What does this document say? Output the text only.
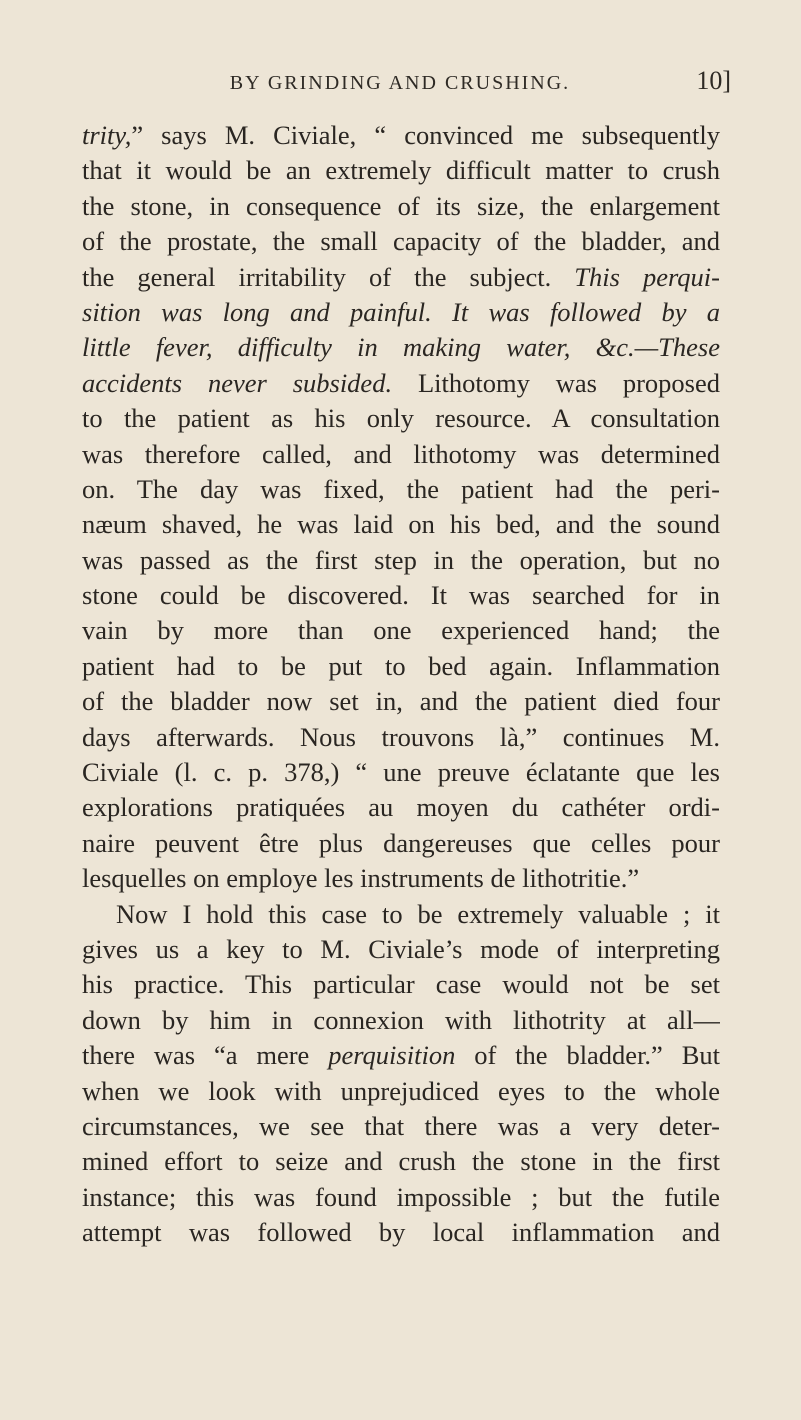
BY GRINDING AND CRUSHING.	10]
trity,” says M. Civiale, “ convinced me subsequently
that it would be an extremely difficult matter to crush
the stone, in consequence of its size, the enlargement
of the prostate, the small capacity of the bladder, and
the general irritability of the subject. This perqui-
sition was long and painful. It was followed by a
little fever, difficulty in making water, &c.—These
accidents never subsided. Lithotomy was proposed
to the patient as his only resource. A consultation
was therefore called, and lithotomy was determined
on. The day was fixed, the patient had the peri-
næum shaved, he was laid on his bed, and the sound
was passed as the first step in the operation, but no
stone could be discovered. It was searched for in
vain by more than one experienced hand; the
patient had to be put to bed again. Inflammation
of the bladder now set in, and the patient died four
days afterwards. Nous trouvons là,” continues M.
Civiale (l. c. p. 378,) “ une preuve éclatante que les
explorations pratiquées au moyen du cathéter ordi-
naire peuvent être plus dangereuses que celles pour
lesquelles on employe les instruments de lithotritie.”
Now I hold this case to be extremely valuable ; it
gives us a key to M. Civiale’s mode of interpreting
his practice. This particular case would not be set
down by him in connexion with lithotrity at all—
there was “a mere perquisition of the bladder.” But
when we look with unprejudiced eyes to the whole
circumstances, we see that there was a very deter-
mined effort to seize and crush the stone in the first
instance; this was found impossible ; but the futile
attempt was followed by local inflammation and
